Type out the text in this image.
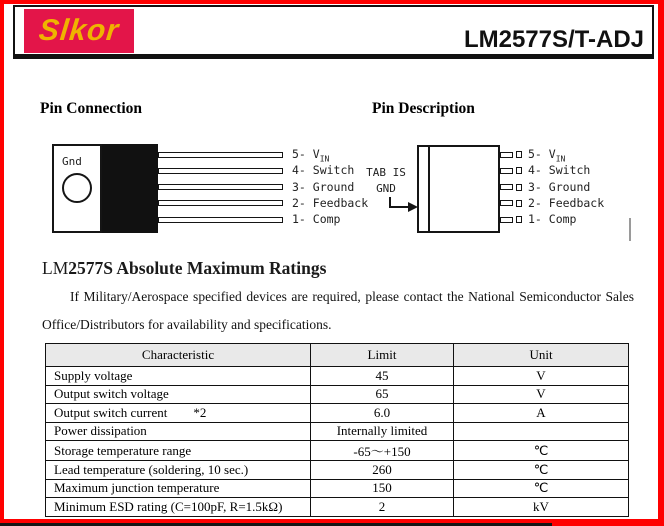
Slkor	LM2577S/T-ADJ
Pin Connection	Pin Description
Gnd
5- $V_{IN}$
4- Switch
3- Ground
2- Feedback
1- Comp
TAB IS
GND
5- $V_{IN}$
4- Switch
3- Ground
2- Feedback
1- Comp
LM2577S Absolute Maximum Ratings
If Military/Aerospace specified devices are required, please contact the National Semiconductor Sales
Office/Distributors for availability and specifications.
Characteristic	Limit	Unit
Supply voltage	45	V
Output switch voltage	65	V
Output switch current        *2	6.0	A
Power dissipation	Internally limited	
Storage temperature range	-65～+150	℃
Lead temperature (soldering, 10 sec.)	260	℃
Maximum junction temperature	150	℃
Minimum ESD rating (C=100pF, R=1.5kΩ)	2	kV
